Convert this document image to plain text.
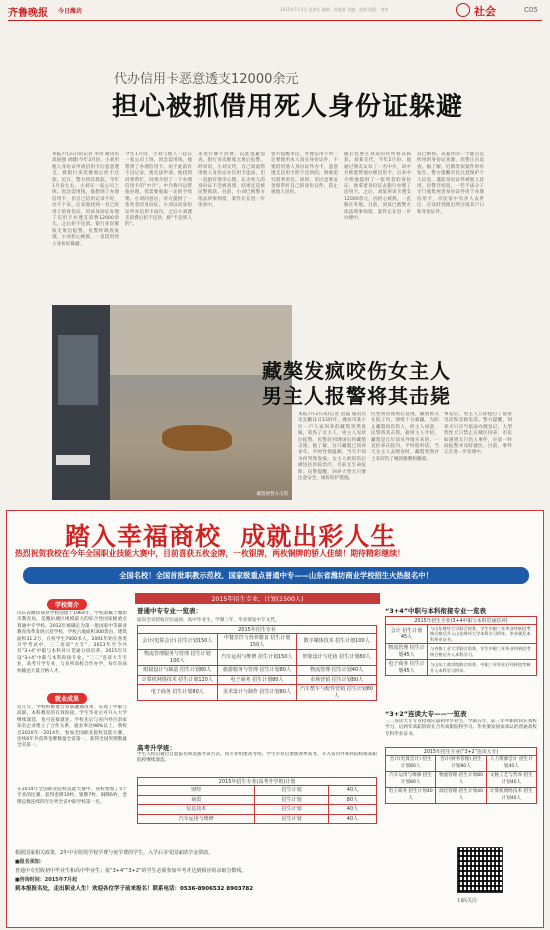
齐鲁晚报 今日潍坊	2015年7月3日 星期五 编辑：孙俊贤 美编：赵娟 组版：刘伟	社会	C05
代办信用卡恶意透支12000余元
担心被抓借用死人身份证躲避
本报7月2日讯(记者 李涛 通讯员 高国强 刘健)今年3月份，小刘用他人身份证申请信用卡后恶意透支，被银行多次催收后拒不还款。近日，警方将其抓获。今年1月份左右，小刘在一家公司上班。因急需用钱，他想到了办理信用卡，但自己信用记录不好，办不下来。后来他找到一名已故男子的身份证，用该身份证办理了信用卡并透支消费12000余元，之后拒不还款。银行多次催收无果后报警。民警经调查发现，小刘担心被抓，一直借用死人身份证躲避。
今年1月份，小刘与他人一起在一家公司上班，因急需用钱，他想到了办理信用卡。由于此前有不良记录，他无法申请。他找到同事帮忙，同事介绍了一个办理信用卡的“中介”。中介称可以帮他办理，但需要收取一定的手续费。小刘同意后，对方提供了一张死者的身份证，小刘以该身份证申办信用卡成功。之后小刘透支消费后拒不还款，称“卡是别人的”。
来进行刷卡消费，以此逃避追查。银行多次催收无果后报警。经审讯，小刘交代，自己知道借用他人身份证办信用卡违法，但一直抱有侥幸心理，认为死人的身份证不会被查到，结果还是被民警抓获。目前，小刘已被警方依法刑事拘留，案件正在进一步审查中。
警方提醒市民，办理信用卡时一定要使用本人真实身份证件，不要借用他人身份证件办卡，恶意透支信用卡拒不还款的，将被追究刑事责任。同时，市民也要妥善保管好自己的身份证件，防止被他人冒用。
随后民警在刘某的住所将其抓获。刘某交代，今年2月份，他通过朋友认识了一名中介，该中介称能帮他办理信用卡。后来中介给他提供了一张死者的身份证，他拿着身份证去银行办理了信用卡。之后，刘某用该卡透支12000余元，因担心被抓，一直躲在外地。目前，刘某已被警方依法刑事拘留，案件正在进一步办理中。
其已被拘。该案件的一个疑点是所用的身份证来源，民警正在追查。据了解，近期类似案件时有发生，警方提醒市民注意保护个人信息，谨防身份证件被他人冒用。民警介绍说，一些不法分子专门收集死者身份证件用于办理信用卡，市民家中有亲人去世后，应及时到派出所注销其户口和身份证件。
藏獒被警方击毙
藏獒发疯咬伤女主人
男主人报警将其击毙
本报7月2日讯(记者 赵磊 通讯员 史先鹏)1日13时许，潍坊市某小区一户人家饲养的藏獒突然发疯，咬伤了女主人。男主人见状后报警，民警赶到现场后将藏獒击毙。据了解，这只藏獒已饲养多年，平时性情温顺，当天不知为何突然发疯。女主人被咬伤后被送往医院治疗，目前无生命危险。民警提醒，饲养大型犬只要注意安全，做好防护措施。
民警到达现场后发现，藏獒被关在院子内，情绪十分暴躁。为防止藏獒再次伤人，经主人同意，民警将其击毙。据男主人介绍，藏獒是几年前从外地买来的，一直拴养在院内，平时很听话。当天女主人去喂食时，藏獒突然扑上来咬伤了她的胳膊和腿部。
事发后，男主人立即拨打了报警电话和急救电话。警方提醒，饲养犬只应当依法办理登记，大型烈性犬只禁止在城区饲养，市民如遇到犬只伤人事件，应第一时间报警并及时就医。目前，事件正在进一步处理中。
踏入幸福商校  成就出彩人生
热烈祝贺我校在今年全国职业技能大赛中，目前喜获五枚金牌，一枚银牌，两枚铜牌的骄人佳绩！期待精彩继续！
全国名校！全国首批职教示范校、国家级重点普通中专——山东省潍坊商业学校招生火热报名中！
学校简介
山东省潍坊商业学校创建于1964年，学校隶属于潍坊市教育局，是潍坊城区规模最大的综合性国家级重点普通中专学校。2012年被确定为第一批国家中等职业教育改革发展示范学校，学校占地面积300余亩，建筑面积31.2万，在校学生7000多人。2001年始在各类升学考试中，三二连读“大专”、2013年至今共有“3+4”中职与本科对口贯通分段培养，2015年开设“3+4”中职与本科衔接专业。“三二”连读大专专业，高考升学专业，与多所高校合作办学，每年向高校输送大量合格人才。
就业成果
近几年，学校积极推行普职融通改革，实现了中职与高职、本科教育的有效衔接，学生毕业后可升入大学继续深造，也可直接就业。学校先后与省内外百余家知名企业建立了合作关系，就业率达98%以上。我校自2010年一2014年，参加全国职业院校技能大赛，连续6年共获得金牌数量全省第一，获得全国奖牌数量全省第一。
在2014年全国职业院校技能大赛中，我校参加了5个专业的比赛，获得金牌10枚、银牌7枚、铜牌6枚，金牌总数连续四年位列全省中职学校第一名。
2015年招生专业、计划(1500人)
普通中专专业一览表：
面向全省招收应往届初、高中毕业生，学制三年，毕业颁发中专文凭。
2015年招生专业
会计(电算会计) 招生计划150人	中餐烹饪与营养膳食 招生计划150人	数字媒体技术 招生计划100人
物流管理服务与管理 招生计划100人	汽车运用与维修 招生计划150人	形象设计与化妆 招生计划80人
眼镜设计与制造 招生计划80人	旅游服务与管理 招生计划80人	物流管理 招生计划40人
计算机网络技术 招生计划120人	电子商务 招生计划80人	市场营销 招生计划80人
电子商务 招生计划80人	美术设计与制作 招生计划80人	汽车整车与配件营销 招生计划80人
高考升学班：
学生入校后通过自愿报名和选拔考试方式，按专业组建高考班，学生毕业后参加春季高考，升入省内外本科院校或高职院校继续深造。
2015年招生专业(高考升学班)计划
财经	招生计划	40人
商贸	招生计划	80人
信息技术	招生计划	40人
汽车运用与维修	招生计划	40人
“3+4”中职与本科衔接专业一览表
2015年招生专业(3+4中职与本科贯通培养)
会计 招生计划45人	与山东财经大学联合培养，学生中职三年毕业经转段考核合格后升入山东财经大学本科学习四年，毕业颁发本科毕业证书。
物流管理 招生计划45人	与齐鲁工业大学联合培养，学生中职三年毕业经转段考核合格后升入本科学习。
电子商务 招生计划45人	与山东工商学院联合培养，中职三年毕业后经转段考核升入本科学习四年。
“3+2”连读大专——一览表
三二连读大专专业招收应届初中毕业生，学制五年，前三年中职阶段在我校学习，后两年高职阶段在合作高职院校学习。毕业颁发国家承认的普通高校专科毕业证书。
2015年招生专业(“3+2”连读大专)
会计(电算会计) 招生计划80人	会计(财务管理) 招生计划80人	人力资源会计 招生计划40人
汽车运用与维修 招生计划80人	物流管理 招生计划80人	文秘工艺与营养 招生计划40人
电子商务 招生计划40人	酒店管理 招生计划40人	计算机网络技术 招生计划40人
根据国家相关政策，2年中专阶段学校学费与免学费的学生，入学后享受国家助学金资助。
■报名须知：
普通中专招收初中毕业生和高中毕业生；报“3+4”“3+2”的学生必须参加中考并达到相应的录取分数线。
■咨询时间：2015年7月起
到本报报名处，走出职业人生！欢迎各位学子前来报名！联系电话：0536-8906532 8903782
扫码关注
